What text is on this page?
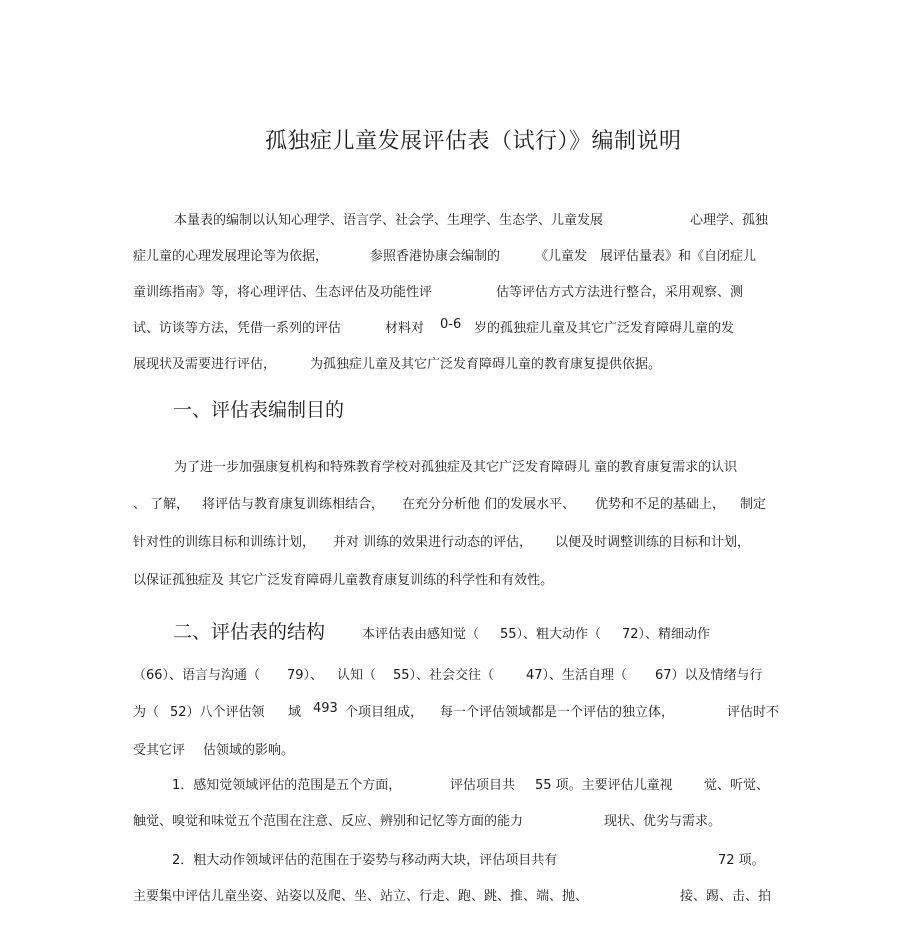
孤独症儿童发展评估表（试行）》编制说明
本量表的编制以认知心理学、语言学、社会学、生理学、生态学、儿童发展	心理学、孤独
症儿童的心理发展理论等为依据，	参照香港协康会编制的	《儿童发　展评估量表》和《自闭症儿
童训练指南》等，将心理评估、生态评估及功能性评	估等评估方式方法进行整合，采用观察、测
试、访谈等方法，凭借一系列的评估	材料对 0-6 岁的孤独症儿童及其它广泛发育障碍儿童的发
展现状及需要进行评估，	为孤独症儿童及其它广泛发育障碍儿童的教育康复提供依据。
一、评估表编制目的
为了进一步加强康复机构和特殊教育学校对孤独症及其它广泛发育障碍儿 童的教育康复需求的认识
、 了解， 将评估与教育康复训练相结合， 在充分分析他 们的发展水平、 优势和不足的基础上， 制定
针对性的训练目标和训练计划， 并对 训练的效果进行动态的评估， 以便及时调整训练的目标和计划，
以保证孤独症及 其它广泛发育障碍儿童教育康复训练的科学性和有效性。
二、评估表的结构	本评估表由感知觉（ 55）、粗大动作（ 72）、精细动作
（66）、语言与沟通（ 79）、 认知（ 55）、社会交往（ 47）、生活自理（ 67）以及情绪与行
为（ 52）八个评估领 域 493 个项目组成， 每一个评估领域都是一个评估的独立体，	评估时不
受其它评 估领域的影响。
1．感知觉领域评估的范围是五个方面，	评估项目共 55 项。主要评估儿童视 觉、听觉、
触觉、嗅觉和味觉五个范围在注意、反应、辨别和记忆等方面的能力	现状、优劣与需求。
2．粗大动作领域评估的范围在于姿势与移动两大块，评估项目共有	72 项。
主要集中评估儿童坐姿、站姿以及爬、坐、站立、行走、跑、跳、推、端、抛、	接、踢、击、拍
